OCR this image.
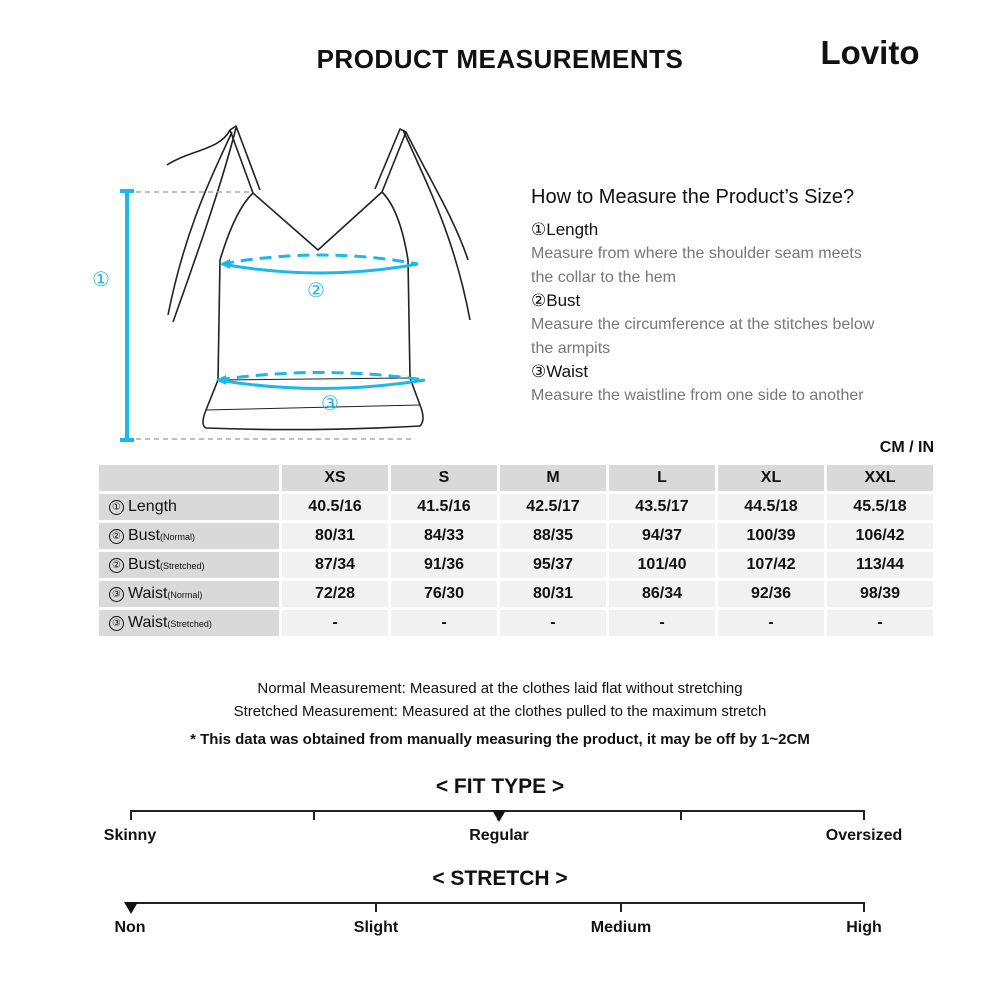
PRODUCT MEASUREMENTS	Lovito
①	②
③
How to Measure the Product’s Size?
①Length
Measure from where the shoulder seam meets
the collar to the hem
②Bust
Measure the circumference at the stitches below
the armpits
③Waist
Measure the waistline from one side to another
CM / IN
	XS	S	M	L	XL	XXL
① Length	40.5/16	41.5/16	42.5/17	43.5/17	44.5/18	45.5/18
② Bust(Normal)	80/31	84/33	88/35	94/37	100/39	106/42
② Bust(Stretched)	87/34	91/36	95/37	101/40	107/42	113/44
③ Waist(Normal)	72/28	76/30	80/31	86/34	92/36	98/39
③ Waist(Stretched)	-	-	-	-	-	-
Normal Measurement: Measured at the clothes laid flat without stretching
Stretched Measurement: Measured at the clothes pulled to the maximum stretch
* This data was obtained from manually measuring the product, it may be off by 1~2CM
< FIT TYPE >
Skinny	Regular	Oversized
< STRETCH >
Non	Slight	Medium	High
